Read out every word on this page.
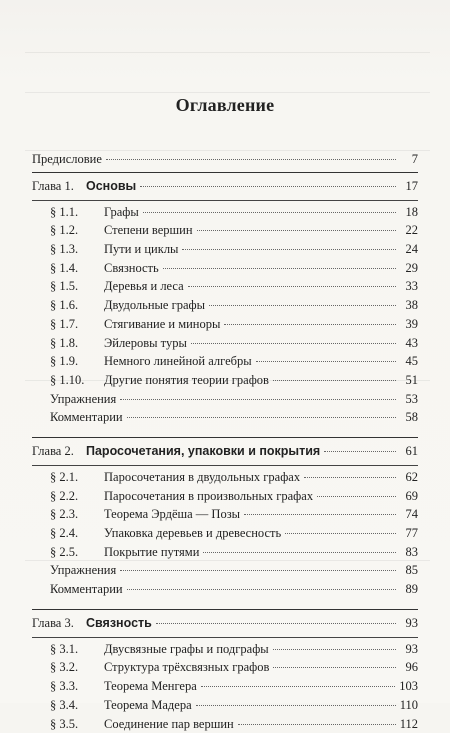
Оглавление
Предисловие	7
Глава 1. Основы	17
§ 1.1. Графы	18
§ 1.2. Степени вершин	22
§ 1.3. Пути и циклы	24
§ 1.4. Связность	29
§ 1.5. Деревья и леса	33
§ 1.6. Двудольные графы	38
§ 1.7. Стягивание и миноры	39
§ 1.8. Эйлеровы туры	43
§ 1.9. Немного линейной алгебры	45
§ 1.10. Другие понятия теории графов	51
Упражнения	53
Комментарии	58
Глава 2. Паросочетания, упаковки и покрытия	61
§ 2.1. Паросочетания в двудольных графах	62
§ 2.2. Паросочетания в произвольных графах	69
§ 2.3. Теорема Эрдёша — Позы	74
§ 2.4. Упаковка деревьев и древесность	77
§ 2.5. Покрытие путями	83
Упражнения	85
Комментарии	89
Глава 3. Связность	93
§ 3.1. Двусвязные графы и подграфы	93
§ 3.2. Структура трёхсвязных графов	96
§ 3.3. Теорема Менгера	103
§ 3.4. Теорема Мадера	110
§ 3.5. Соединение пар вершин	112
